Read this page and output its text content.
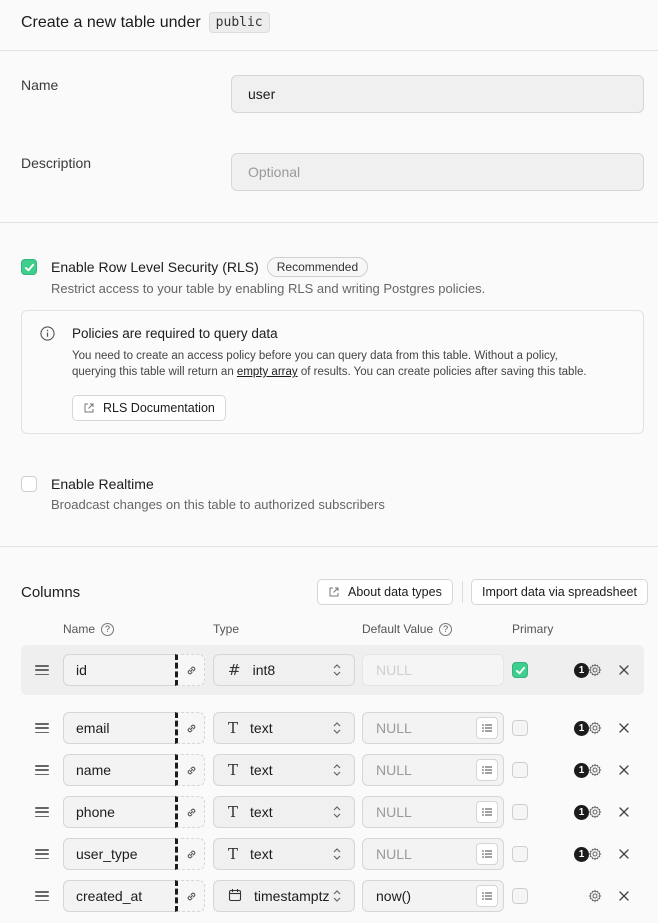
Create a new table under	public
Name
user
Description
Optional
Enable Row Level Security (RLS)	Recommended
Restrict access to your table by enabling RLS and writing Postgres policies.
Policies are required to query data
You need to create an access policy before you can query data from this table. Without a policy,
querying this table will return an empty array of results. You can create policies after saving this table.
RLS Documentation
Enable Realtime
Broadcast changes on this table to authorized subscribers
Columns	About data types	Import data via spreadsheet
Name	?	Type	Default Value	?	Primary
id	# int8	NULL	1
email	T text	NULL	1
name	T text	NULL	1
phone	T text	NULL	1
user_type	T text	NULL	1
created_at	timestamptz	now()
